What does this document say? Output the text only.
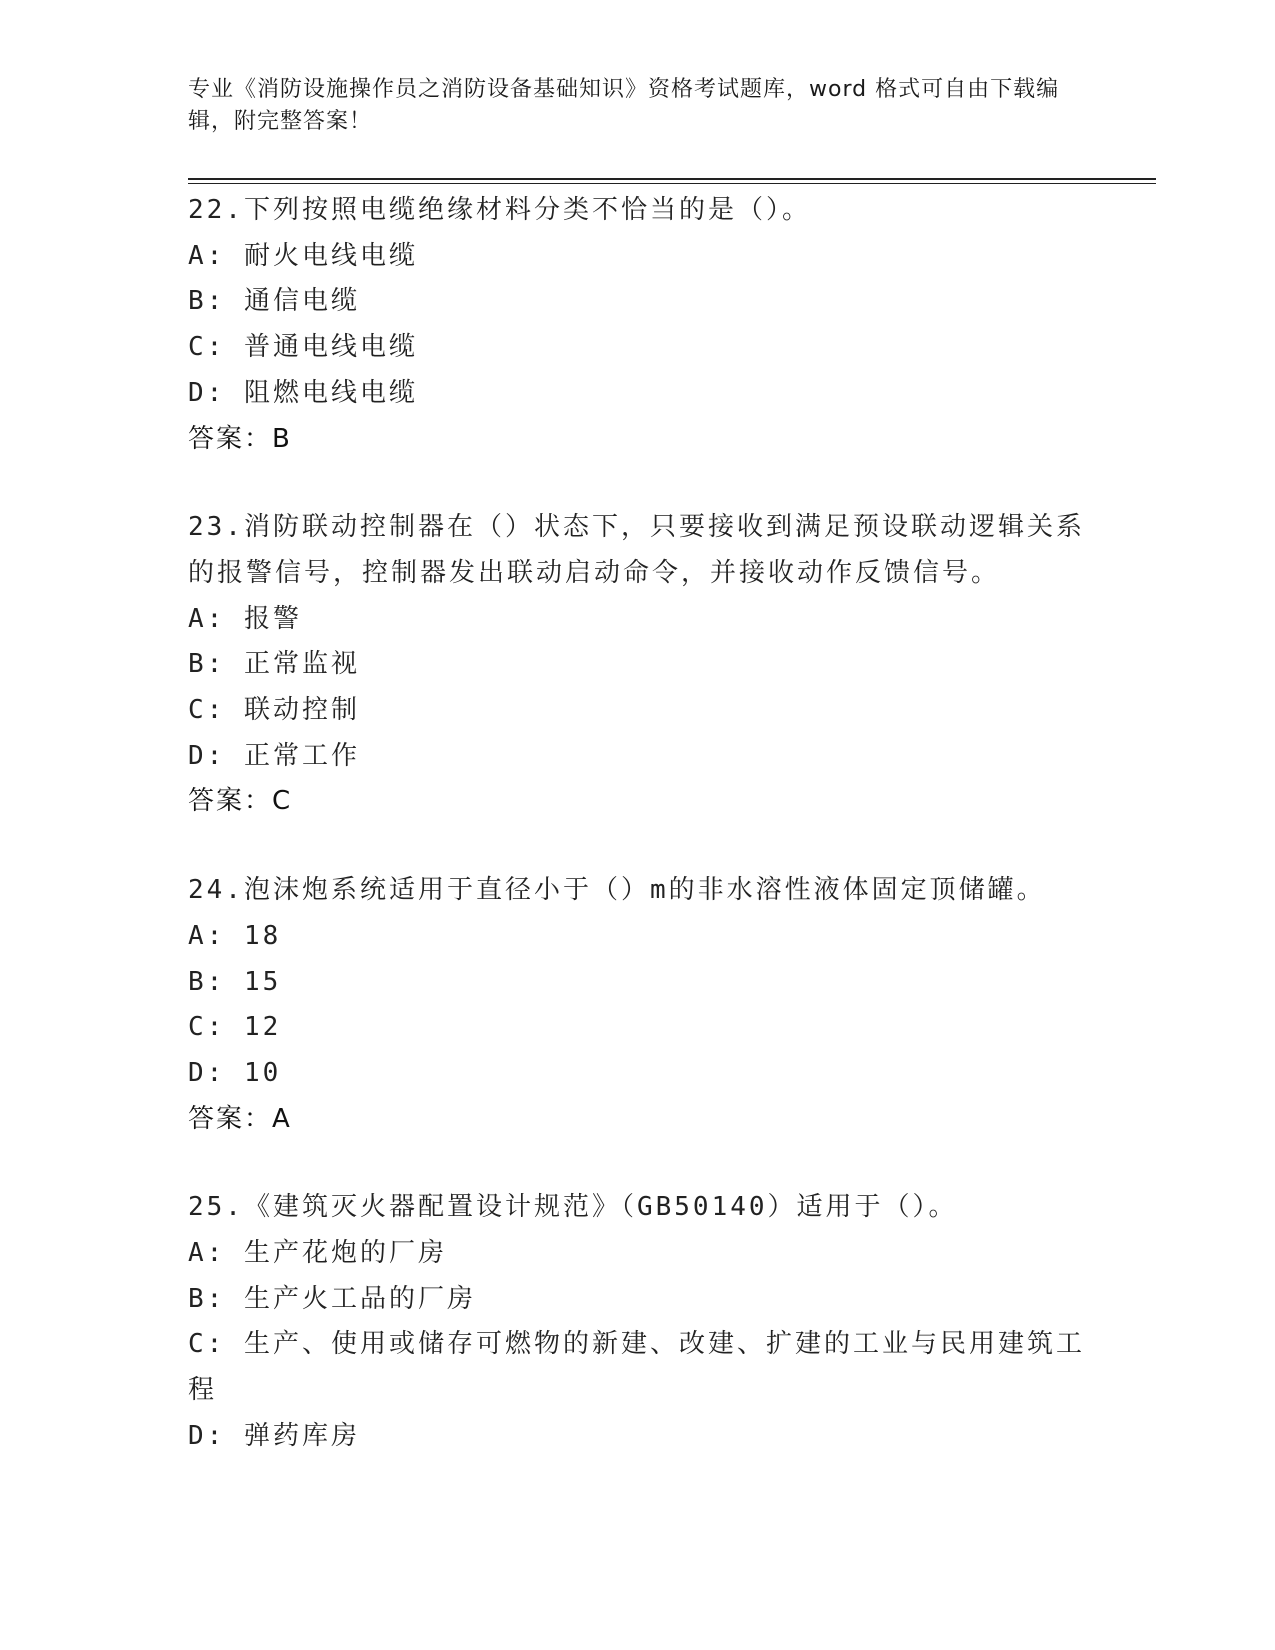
专业《消防设施操作员之消防设备基础知识》资格考试题库，word 格式可自由下载编辑，附完整答案！
22.下列按照电缆绝缘材料分类不恰当的是（）。
A: 耐火电线电缆
B: 通信电缆
C: 普通电线电缆
D: 阻燃电线电缆
答案：B
23.消防联动控制器在（）状态下，只要接收到满足预设联动逻辑关系的报警信号，控制器发出联动启动命令，并接收动作反馈信号。
A: 报警
B: 正常监视
C: 联动控制
D: 正常工作
答案：C
24.泡沫炮系统适用于直径小于（）m的非水溶性液体固定顶储罐。
A: 18
B: 15
C: 12
D: 10
答案：A
25.《建筑灭火器配置设计规范》（GB50140）适用于（）。
A: 生产花炮的厂房
B: 生产火工品的厂房
C: 生产、使用或储存可燃物的新建、改建、扩建的工业与民用建筑工程
D: 弹药库房
